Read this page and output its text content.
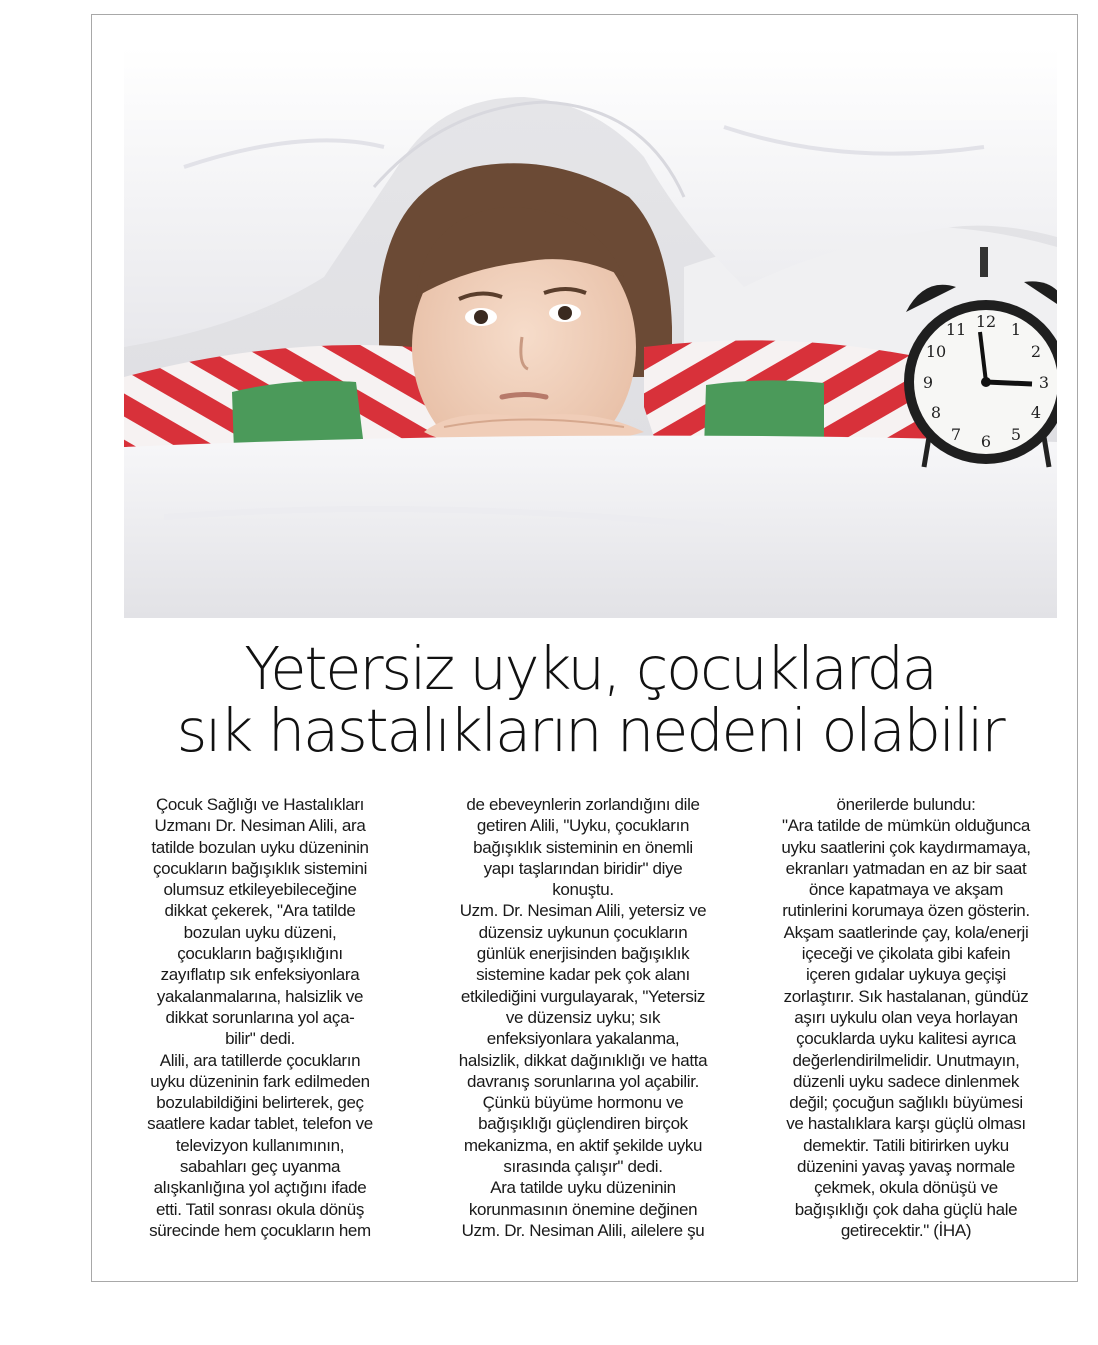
12 1
2
3
4
5
6
7
8
9
10
11
Yetersiz uyku, çocuklarda
sık hastalıkların nedeni olabilir
Çocuk Sağlığı ve Hastalıkları
Uzmanı Dr. Nesiman Alili, ara
tatilde bozulan uyku düzeninin
çocukların bağışıklık sistemini
olumsuz etkileyebileceğine
dikkat çekerek, "Ara tatilde
bozulan uyku düzeni,
çocukların bağışıklığını
zayıflatıp sık enfeksiyonlara
yakalanmalarına, halsizlik ve
dikkat sorunlarına yol aça-
bilir" dedi.
Alili, ara tatillerde çocukların
uyku düzeninin fark edilmeden
bozulabildiğini belirterek, geç
saatlere kadar tablet, telefon ve
televizyon kullanımının,
sabahları geç uyanma
alışkanlığına yol açtığını ifade
etti. Tatil sonrası okula dönüş
sürecinde hem çocukların hem
de ebeveynlerin zorlandığını dile
getiren Alili, "Uyku, çocukların
bağışıklık sisteminin en önemli
yapı taşlarından biridir" diye
konuştu.
Uzm. Dr. Nesiman Alili, yetersiz ve
düzensiz uykunun çocukların
günlük enerjisinden bağışıklık
sistemine kadar pek çok alanı
etkilediğini vurgulayarak, "Yetersiz
ve düzensiz uyku; sık
enfeksiyonlara yakalanma,
halsizlik, dikkat dağınıklığı ve hatta
davranış sorunlarına yol açabilir.
Çünkü büyüme hormonu ve
bağışıklığı güçlendiren birçok
mekanizma, en aktif şekilde uyku
sırasında çalışır" dedi.
Ara tatilde uyku düzeninin
korunmasının önemine değinen
Uzm. Dr. Nesiman Alili, ailelere şu
önerilerde bulundu:
"Ara tatilde de mümkün olduğunca
uyku saatlerini çok kaydırmamaya,
ekranları yatmadan en az bir saat
önce kapatmaya ve akşam
rutinlerini korumaya özen gösterin.
Akşam saatlerinde çay, kola/enerji
içeceği ve çikolata gibi kafein
içeren gıdalar uykuya geçişi
zorlaştırır. Sık hastalanan, gündüz
aşırı uykulu olan veya horlayan
çocuklarda uyku kalitesi ayrıca
değerlendirilmelidir. Unutmayın,
düzenli uyku sadece dinlenmek
değil; çocuğun sağlıklı büyümesi
ve hastalıklara karşı güçlü olması
demektir. Tatili bitirirken uyku
düzenini yavaş yavaş normale
çekmek, okula dönüşü ve
bağışıklığı çok daha güçlü hale
getirecektir." (İHA)
